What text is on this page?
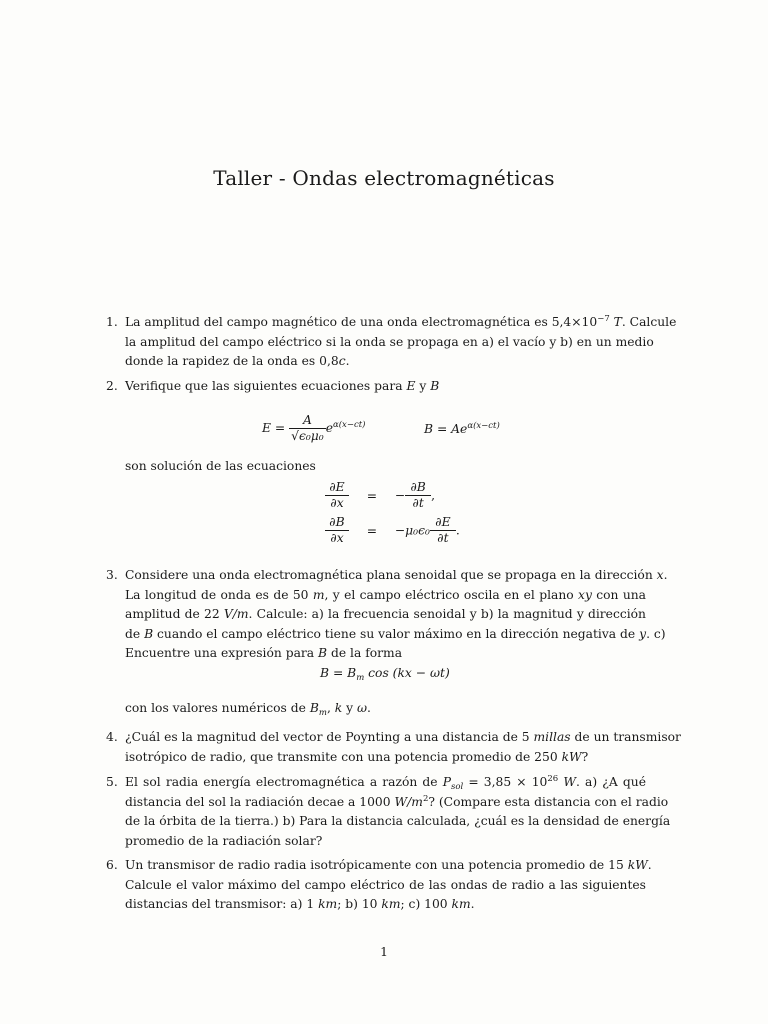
Taller - Ondas electromagnéticas
1. La amplitud del campo magnético de una onda electromagnética es $5,4\times 10^{-7}$ T. Calcule
la amplitud del campo eléctrico si la onda se propaga en a) el vacío y b) en un medio
donde la rapidez de la onda es 0,8c.
2. Verifique que las siguientes ecuaciones para E y B
$E = \frac{A}{\text{√ϵ₀μ₀}} e^{\alpha(x-ct)}$	$B = Ae^{\alpha(x-ct)}$
son solución de las ecuaciones
$\frac{\partial E}{\partial x}$ = − $\frac{\partial B}{\partial t}$ ,
$\frac{\partial B}{\partial x} = -\mu_0\epsilon_0 \frac{\partial E}{\partial t}$ .
3. Considere una onda electromagnética plana senoidal que se propaga en la dirección x.
La longitud de onda es de 50 m, y el campo eléctrico oscila en el plano xy con una
amplitud de 22 V/m. Calcule: a) la frecuencia senoidal y b) la magnitud y dirección
de B cuando el campo eléctrico tiene su valor máximo en la dirección negativa de y. c)
Encuentre una expresión para B de la forma
$B = B_m$ cos (kx − ωt)
con los valores numéricos de $B_m$, k y ω.
4. ¿Cuál es la magnitud del vector de Poynting a una distancia de 5 millas de un transmisor
isotrópico de radio, que transmite con una potencia promedio de 250 kW?
5. El sol radia energía electromagnética a razón de $P_{sol} = 3,85 \times 10^{26}$ W. a) ¿A qué
distancia del sol la radiación decae a 1000 $W/m^2$? (Compare esta distancia con el radio
de la órbita de la tierra.) b) Para la distancia calculada, ¿cuál es la densidad de energía
promedio de la radiación solar?
6. Un transmisor de radio radia isotrópicamente con una potencia promedio de 15 kW.
Calcule el valor máximo del campo eléctrico de las ondas de radio a las siguientes
distancias del transmisor: a) 1 km; b) 10 km; c) 100 km.
1
